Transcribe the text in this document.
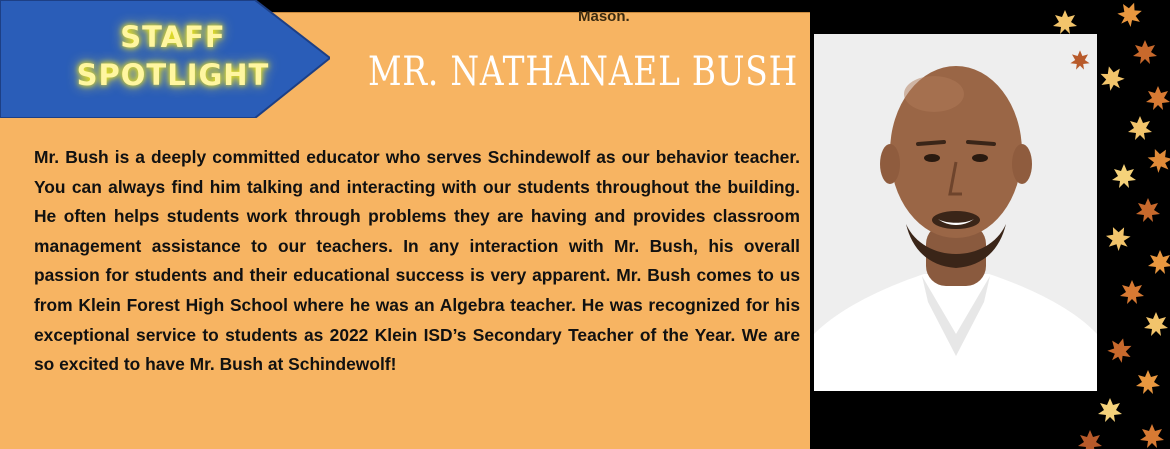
Mason.
MR. NATHANAEL BUSH

Mr. Bush is a deeply committed educator who serves Schindewolf as our behavior teacher. You can always find him talking and interacting with our students throughout the building. He often helps students work through problems they are having and provides classroom management assistance to our teachers. In any interaction with Mr. Bush, his overall passion for students and their educational success is very apparent. Mr. Bush comes to us from Klein Forest High School where he was an Algebra teacher. He was recognized for his exceptional service to students as 2022 Klein ISD’s Secondary Teacher of the Year. We are so excited to have Mr. Bush at Schindewolf!

STAFF
SPOTLIGHT
